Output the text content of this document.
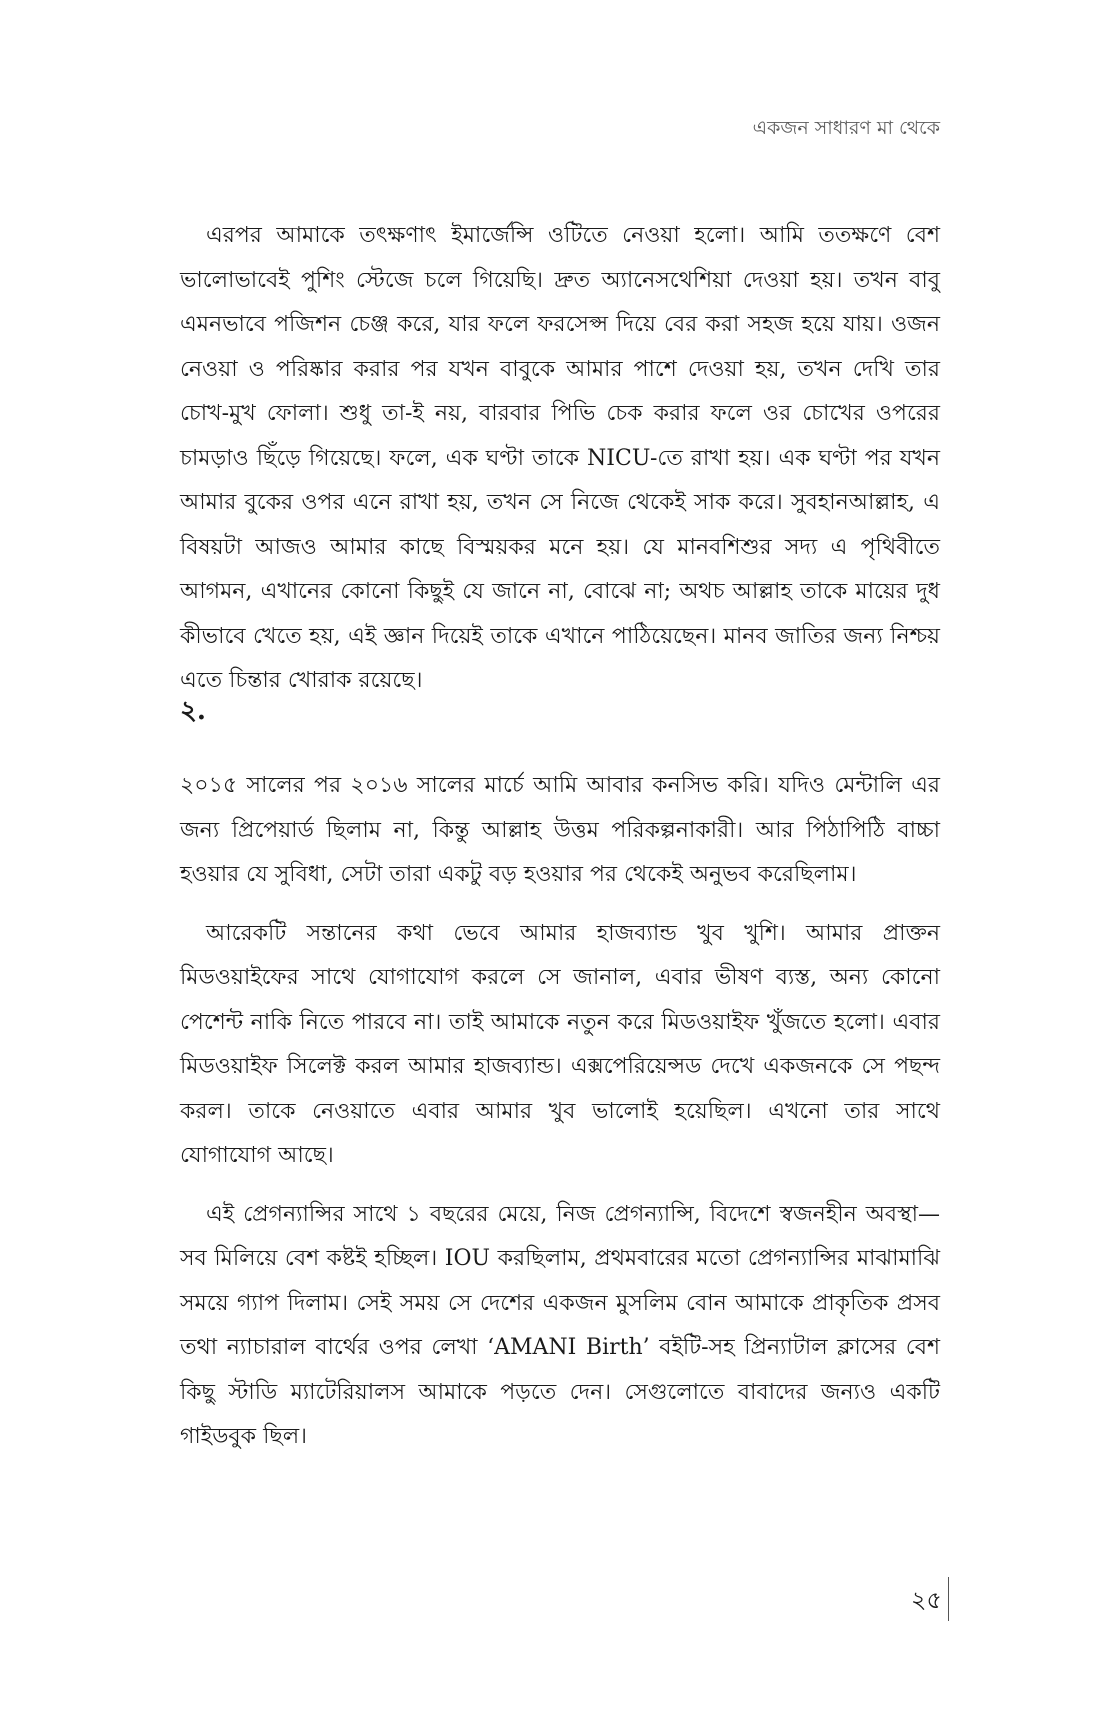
একজন সাধারণ মা থেকে

এরপর আমাকে তৎক্ষণাৎ ইমার্জেন্সি ওটিতে নেওয়া হলো। আমি ততক্ষণে বেশ ভালোভাবেই পুশিং স্টেজে চলে গিয়েছি। দ্রুত অ্যানেসথেশিয়া দেওয়া হয়। তখন বাবু এমনভাবে পজিশন চেঞ্জ করে, যার ফলে ফরসেপ্স দিয়ে বের করা সহজ হয়ে যায়। ওজন নেওয়া ও পরিষ্কার করার পর যখন বাবুকে আমার পাশে দেওয়া হয়, তখন দেখি তার চোখ-মুখ ফোলা। শুধু তা-ই নয়, বারবার পিভি চেক করার ফলে ওর চোখের ওপরের চামড়াও ছিঁড়ে গিয়েছে। ফলে, এক ঘণ্টা তাকে NICU-তে রাখা হয়। এক ঘণ্টা পর যখন আমার বুকের ওপর এনে রাখা হয়, তখন সে নিজে থেকেই সাক করে। সুবহানআল্লাহ, এ বিষয়টা আজও আমার কাছে বিস্ময়কর মনে হয়। যে মানবশিশুর সদ্য এ পৃথিবীতে আগমন, এখানের কোনো কিছুই যে জানে না, বোঝে না; অথচ আল্লাহ তাকে মায়ের দুধ কীভাবে খেতে হয়, এই জ্ঞান দিয়েই তাকে এখানে পাঠিয়েছেন। মানব জাতির জন্য নিশ্চয় এতে চিন্তার খোরাক রয়েছে।

২.

২০১৫ সালের পর ২০১৬ সালের মার্চে আমি আবার কনসিভ করি। যদিও মেন্টালি এর জন্য প্রিপেয়ার্ড ছিলাম না, কিন্তু আল্লাহ উত্তম পরিকল্পনাকারী। আর পিঠাপিঠি বাচ্চা হওয়ার যে সুবিধা, সেটা তারা একটু বড় হওয়ার পর থেকেই অনুভব করেছিলাম।

আরেকটি সন্তানের কথা ভেবে আমার হাজব্যান্ড খুব খুশি। আমার প্রাক্তন মিডওয়াইফের সাথে যোগাযোগ করলে সে জানাল, এবার ভীষণ ব্যস্ত, অন্য কোনো পেশেন্ট নাকি নিতে পারবে না। তাই আমাকে নতুন করে মিডওয়াইফ খুঁজতে হলো। এবার মিডওয়াইফ সিলেক্ট করল আমার হাজব্যান্ড। এক্সপেরিয়েন্সড দেখে একজনকে সে পছন্দ করল। তাকে নেওয়াতে এবার আমার খুব ভালোই হয়েছিল। এখনো তার সাথে যোগাযোগ আছে।

এই প্রেগন্যান্সির সাথে ১ বছরের মেয়ে, নিজ প্রেগন্যান্সি, বিদেশে স্বজনহীন অবস্থা—সব মিলিয়ে বেশ কষ্টই হচ্ছিল। IOU করছিলাম, প্রথমবারের মতো প্রেগন্যান্সির মাঝামাঝি সময়ে গ্যাপ দিলাম। সেই সময় সে দেশের একজন মুসলিম বোন আমাকে প্রাকৃতিক প্রসব তথা ন্যাচারাল বার্থের ওপর লেখা ‘AMANI Birth’ বইটি-সহ প্রিন্যাটাল ক্লাসের বেশ কিছু স্টাডি ম্যাটেরিয়ালস আমাকে পড়তে দেন। সেগুলোতে বাবাদের জন্যও একটি গাইডবুক ছিল।

২৫
